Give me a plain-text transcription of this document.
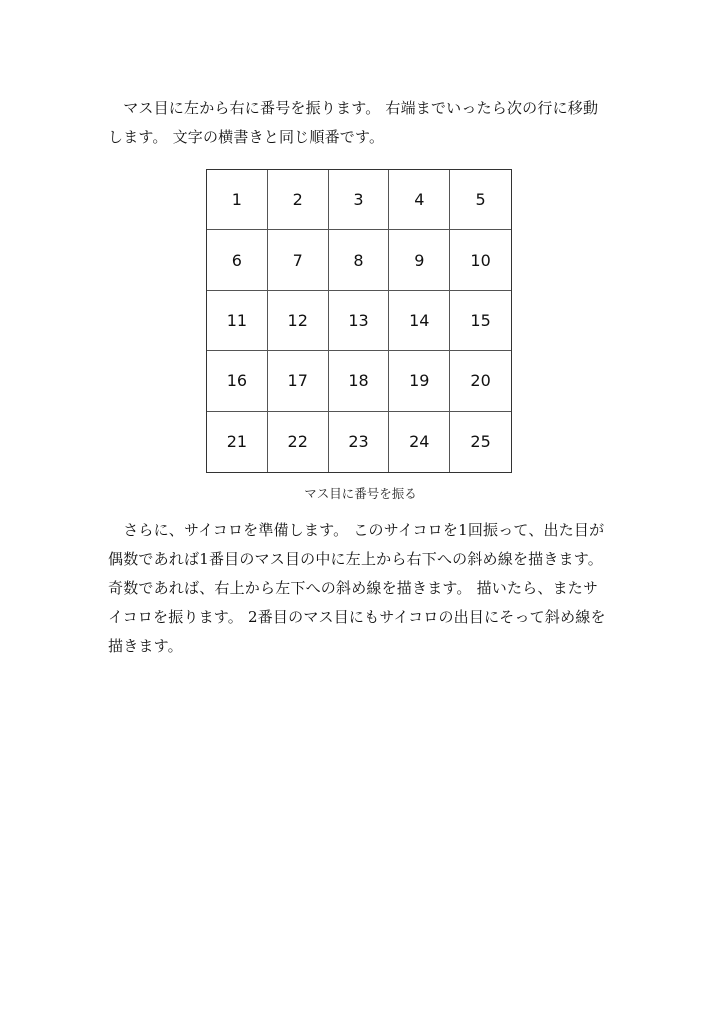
　マス目に左から右に番号を振ります。 右端までいったら次の行に移動
します。 文字の横書きと同じ順番です。

1	2	3	4	5
6	7	8	9	10
11	12	13	14	15
16	17	18	19	20
21	22	23	24	25
マス目に番号を振る

　さらに、サイコロを準備します。 このサイコロを1回振って、出た目が
偶数であれば1番目のマス目の中に左上から右下への斜め線を描きます。
奇数であれば、右上から左下への斜め線を描きます。 描いたら、またサ
イコロを振ります。 2番目のマス目にもサイコロの出目にそって斜め線を
描きます。
